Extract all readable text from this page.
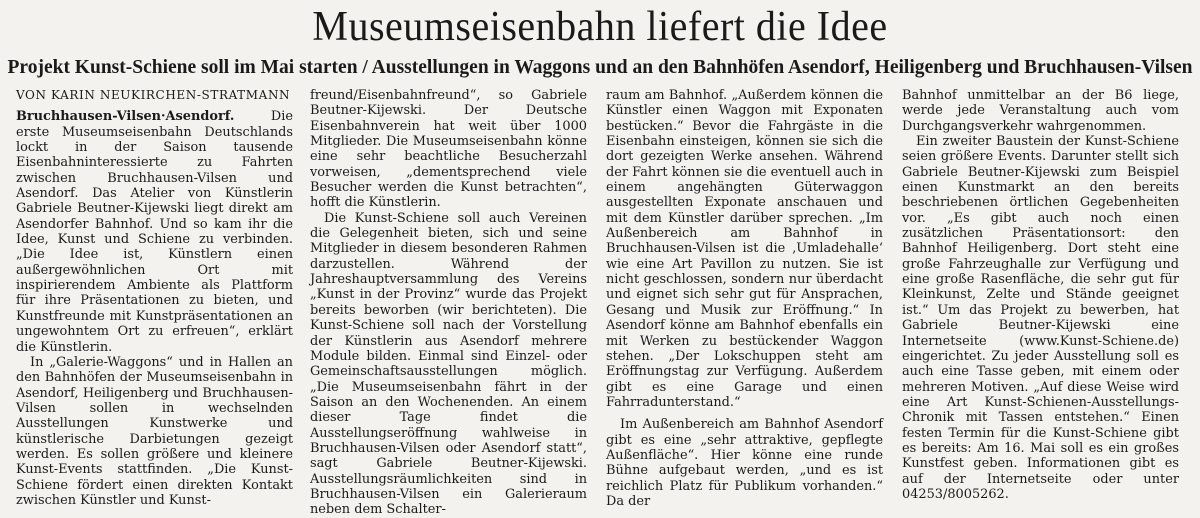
Museumseisenbahn liefert die Idee
Projekt Kunst-Schiene soll im Mai starten / Ausstellungen in Waggons und an den Bahnhöfen Asendorf, Heiligenberg und Bruchhausen-Vilsen
VON KARIN NEUKIRCHEN-STRATMANN

Bruchhausen-Vilsen·Asendorf.	Die erste Museumseisenbahn Deutschlands lockt in der Saison tausende Eisenbahninteressierte zu Fahrten zwischen Bruchhausen-Vilsen und Asendorf. Das Atelier von Künstlerin Gabriele Beutner-Kijewski liegt direkt am Asendorfer Bahnhof. Und so kam ihr die Idee, Kunst und Schiene zu verbinden. „Die Idee ist, Künstlern einen außergewöhnlichen Ort mit inspirierendem Ambiente als Plattform für ihre Präsentationen zu bieten, und Kunstfreunde mit Kunstpräsentationen an ungewohntem Ort zu erfreuen“, erklärt die Künstlerin.

In „Galerie-Waggons“ und in Hallen an den Bahnhöfen der Museumseisenbahn in Asendorf, Heiligenberg und Bruchhausen-Vilsen sollen in wechselnden Ausstellungen Kunstwerke und künstlerische Darbietungen gezeigt werden. Es sollen größere und kleinere Kunst-Events stattfinden. „Die Kunst-Schiene fördert einen direkten Kontakt zwischen Künstler und Kunst-

freund/Eisenbahnfreund“, so Gabriele Beutner-Kijewski. Der Deutsche Eisenbahnverein hat weit über 1000 Mitglieder. Die Museumseisenbahn könne eine sehr beachtliche Besucherzahl vorweisen, „dementsprechend viele Besucher werden die Kunst betrachten“, hofft die Künstlerin.

Die Kunst-Schiene soll auch Vereinen die Gelegenheit bieten, sich und seine Mitglieder in diesem besonderen Rahmen darzustellen. Während der Jahreshauptversammlung des Vereins „Kunst in der Provinz“ wurde das Projekt bereits beworben (wir berichteten). Die Kunst-Schiene soll nach der Vorstellung der Künstlerin aus Asendorf mehrere Module bilden. Einmal sind Einzel- oder Gemeinschaftsausstellungen möglich. „Die Museumseisenbahn fährt in der Saison an den Wochenenden. An einem dieser Tage findet die Ausstellungseröffnung wahlweise in Bruchhausen-Vilsen oder Asendorf statt“, sagt Gabriele Beutner-Kijewski. Ausstellungsräumlichkeiten sind in Bruchhausen-Vilsen ein Galerieraum neben dem Schalter-

raum am Bahnhof. „Außerdem können die Künstler einen Waggon mit Exponaten bestücken.“ Bevor die Fahrgäste in die Eisenbahn einsteigen, können sie sich die dort gezeigten Werke ansehen. Während der Fahrt können sie die eventuell auch in einem angehängten Güterwaggon ausgestellten Exponate anschauen und mit dem Künstler darüber sprechen. „Im Außenbereich am Bahnhof in Bruchhausen-Vilsen ist die ‚Umladehalle‘ wie eine Art Pavillon zu nutzen. Sie ist nicht geschlossen, sondern nur überdacht und eignet sich sehr gut für Ansprachen, Gesang und Musik zur Eröffnung.“ In Asendorf könne am Bahnhof ebenfalls ein mit Werken zu bestückender Waggon stehen. „Der Lokschuppen steht am Eröffnungstag zur Verfügung. Außerdem gibt es eine Garage und einen Fahrradunterstand.“

Im Außenbereich am Bahnhof Asendorf gibt es eine „sehr attraktive, gepflegte Außenfläche“. Hier könne eine runde Bühne aufgebaut werden, „und es ist reichlich Platz für Publikum vorhanden.“ Da der

Bahnhof unmittelbar an der B6 liege, werde jede Veranstaltung auch vom Durchgangsverkehr wahrgenommen.

Ein zweiter Baustein der Kunst-Schiene seien größere Events. Darunter stellt sich Gabriele Beutner-Kijewski zum Beispiel einen Kunstmarkt an den bereits beschriebenen örtlichen Gegebenheiten vor. „Es gibt auch noch einen zusätzlichen Präsentationsort: den Bahnhof Heiligenberg. Dort steht eine große Fahrzeughalle zur Verfügung und eine große Rasenfläche, die sehr gut für Kleinkunst, Zelte und Stände geeignet ist.“ Um das Projekt zu bewerben, hat Gabriele Beutner-Kijewski eine Internetseite (www.Kunst-Schiene.de) eingerichtet. Zu jeder Ausstellung soll es auch eine Tasse geben, mit einem oder mehreren Motiven. „Auf diese Weise wird eine Art Kunst-Schienen-Ausstellungs-Chronik mit Tassen entstehen.“ Einen festen Termin für die Kunst-Schiene gibt es bereits: Am 16. Mai soll es ein großes Kunstfest geben. Informationen gibt es auf der Internetseite oder unter 04253/8005262.
